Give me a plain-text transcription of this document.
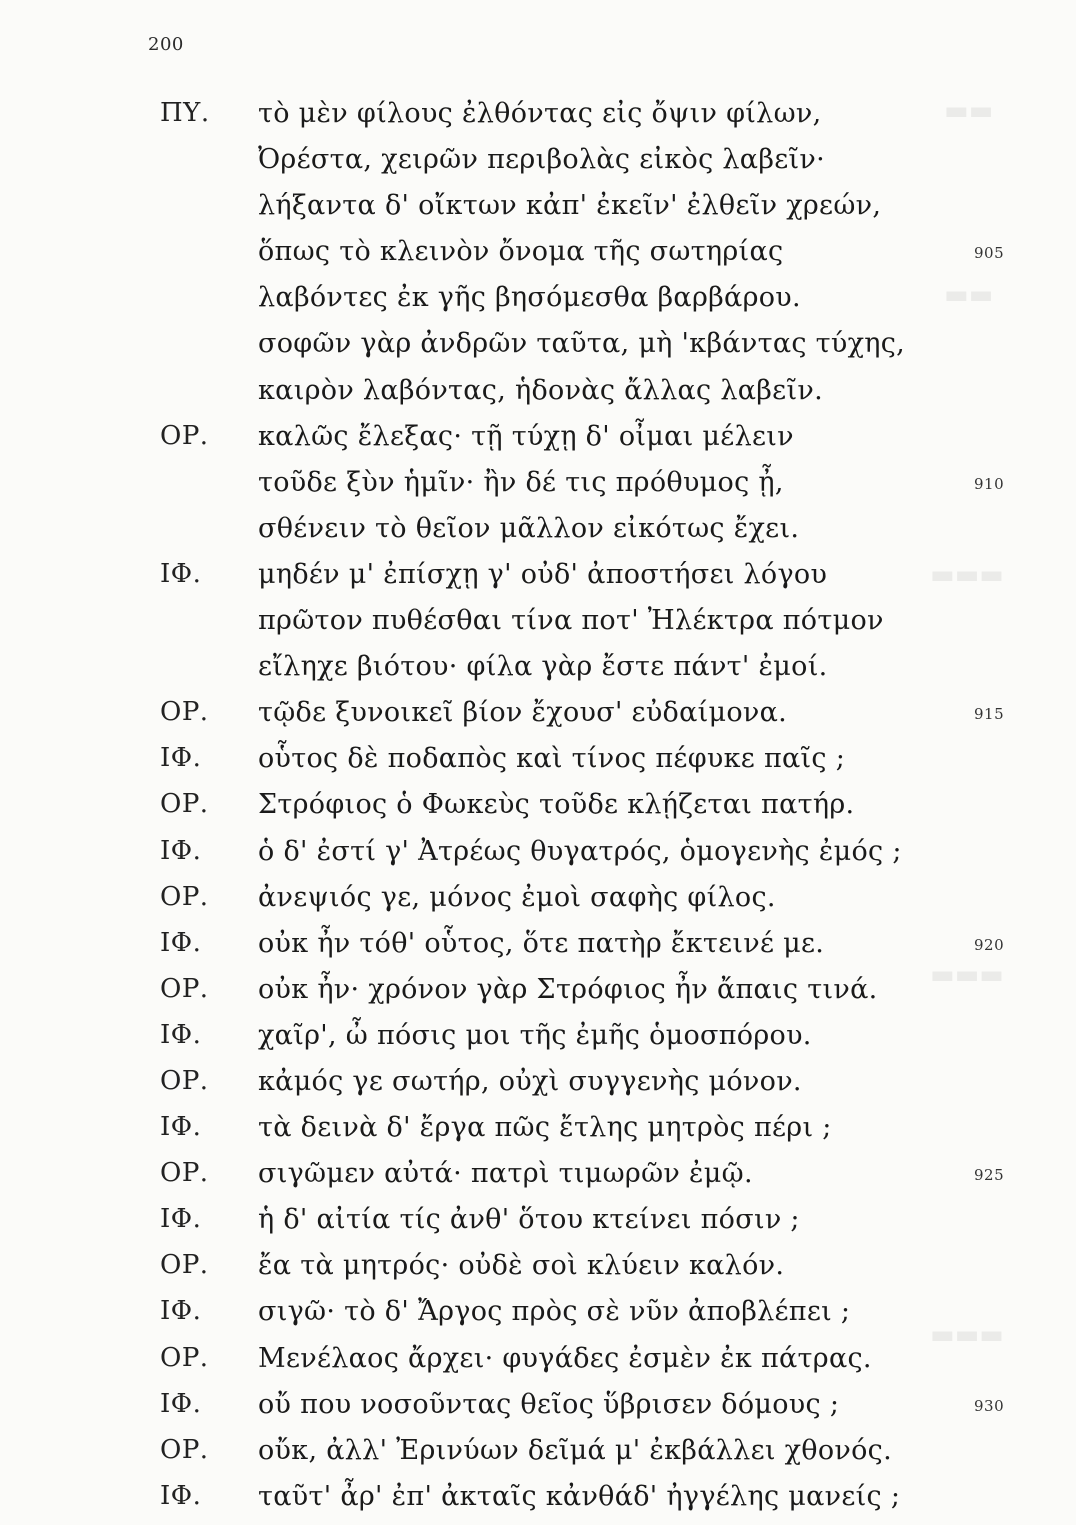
▬▬
▬▬
▬▬▬
▬▬▬
▬▬▬
200
ΠΥ. τὸ μὲν φίλους ἐλθόντας εἰς ὄψιν φίλων,
Ὀρέστα, χειρῶν περιβολὰς εἰκὸς λαβεῖν·
λήξαντα δ' οἴκτων κἀπ' ἐκεῖν' ἐλθεῖν χρεών,
ὅπως τὸ κλεινὸν ὄνομα τῆς σωτηρίας	905
λαβόντες ἐκ γῆς βησόμεσθα βαρβάρου.
σοφῶν γὰρ ἀνδρῶν ταῦτα, μὴ 'κβάντας τύχης,
καιρὸν λαβόντας, ἡδονὰς ἄλλας λαβεῖν.
ΟΡ. καλῶς ἔλεξας· τῇ τύχῃ δ' οἶμαι μέλειν
τοῦδε ξὺν ἡμῖν· ἢν δέ τις πρόθυμος ᾖ,	910
σθένειν τὸ θεῖον μᾶλλον εἰκότως ἔχει.
ΙΦ. μηδέν μ' ἐπίσχῃ γ' οὐδ' ἀποστήσει λόγου
πρῶτον πυθέσθαι τίνα ποτ' Ἠλέκτρα πότμον
εἴληχε βιότου· φίλα γὰρ ἔστε πάντ' ἐμοί.
ΟΡ. τῷδε ξυνοικεῖ βίον ἔχουσ' εὐδαίμονα.	915
ΙΦ. οὗτος δὲ ποδαπὸς καὶ τίνος πέφυκε παῖς ;
ΟΡ. Στρόφιος ὁ Φωκεὺς τοῦδε κλῄζεται πατήρ.
ΙΦ. ὁ δ' ἐστί γ' Ἀτρέως θυγατρός, ὁμογενὴς ἐμός ;
ΟΡ. ἀνεψιός γε, μόνος ἐμοὶ σαφὴς φίλος.
ΙΦ. οὐκ ἦν τόθ' οὗτος, ὅτε πατὴρ ἔκτεινέ με.	920
ΟΡ. οὐκ ἦν· χρόνον γὰρ Στρόφιος ἦν ἄπαις τινά.
ΙΦ. χαῖρ', ὦ πόσις μοι τῆς ἐμῆς ὁμοσπόρου.
ΟΡ. κἀμός γε σωτήρ, οὐχὶ συγγενὴς μόνον.
ΙΦ. τὰ δεινὰ δ' ἔργα πῶς ἔτλης μητρὸς πέρι ;
ΟΡ. σιγῶμεν αὐτά· πατρὶ τιμωρῶν ἐμῷ.	925
ΙΦ. ἡ δ' αἰτία τίς ἀνθ' ὅτου κτείνει πόσιν ;
ΟΡ. ἔα τὰ μητρός· οὐδὲ σοὶ κλύειν καλόν.
ΙΦ. σιγῶ· τὸ δ' Ἄργος πρὸς σὲ νῦν ἀποβλέπει ;
ΟΡ. Μενέλαος ἄρχει· φυγάδες ἐσμὲν ἐκ πάτρας.
ΙΦ. οὔ που νοσοῦντας θεῖος ὕβρισεν δόμους ;	930
ΟΡ. οὔκ, ἀλλ' Ἐρινύων δεῖμά μ' ἐκβάλλει χθονός.
ΙΦ. ταῦτ' ἆρ' ἐπ' ἀκταῖς κἀνθάδ' ἠγγέλης μανείς ;
